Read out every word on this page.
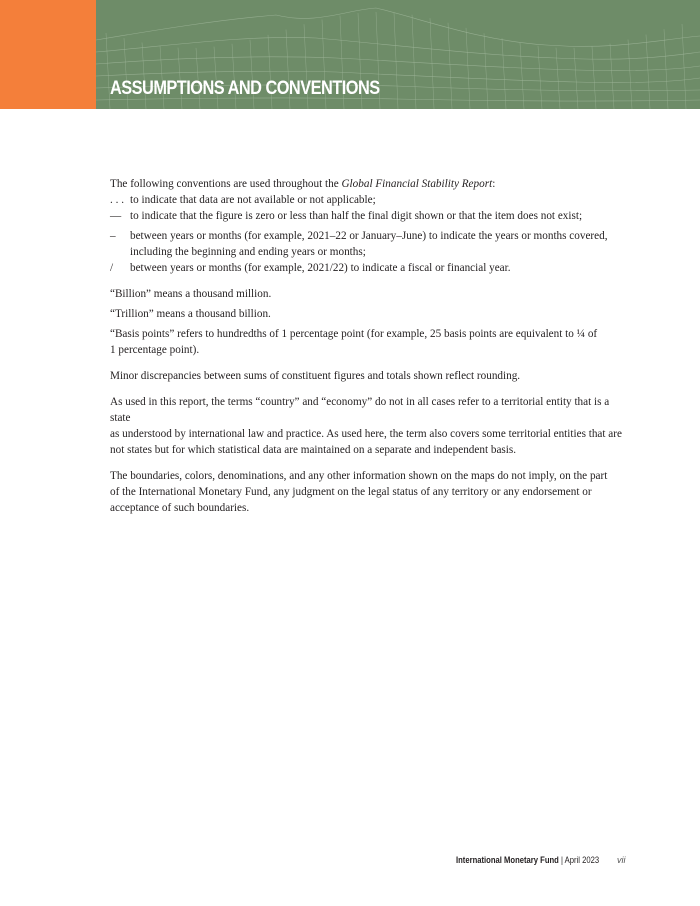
ASSUMPTIONS AND CONVENTIONS

The following conventions are used throughout the Global Financial Stability Report:

. . . to indicate that data are not available or not applicable;
— to indicate that the figure is zero or less than half the final digit shown or that the item does not exist;
–	between years or months (for example, 2021–22 or January–June) to indicate the years or months covered,
including the beginning and ending years or months;
/	between years or months (for example, 2021/22) to indicate a fiscal or financial year.
“Billion” means a thousand million.
“Trillion” means a thousand billion.
“Basis points” refers to hundredths of 1 percentage point (for example, 25 basis points are equivalent to ¼ of
1 percentage point).

Minor discrepancies between sums of constituent figures and totals shown reflect rounding.

As used in this report, the terms “country” and “economy” do not in all cases refer to a territorial entity that is a state
as understood by international law and practice. As used here, the term also covers some territorial entities that are
not states but for which statistical data are maintained on a separate and independent basis.

The boundaries, colors, denominations, and any other information shown on the maps do not imply, on the part
of the International Monetary Fund, any judgment on the legal status of any territory or any endorsement or
acceptance of such boundaries.

International Monetary Fund | April 2023 vii
